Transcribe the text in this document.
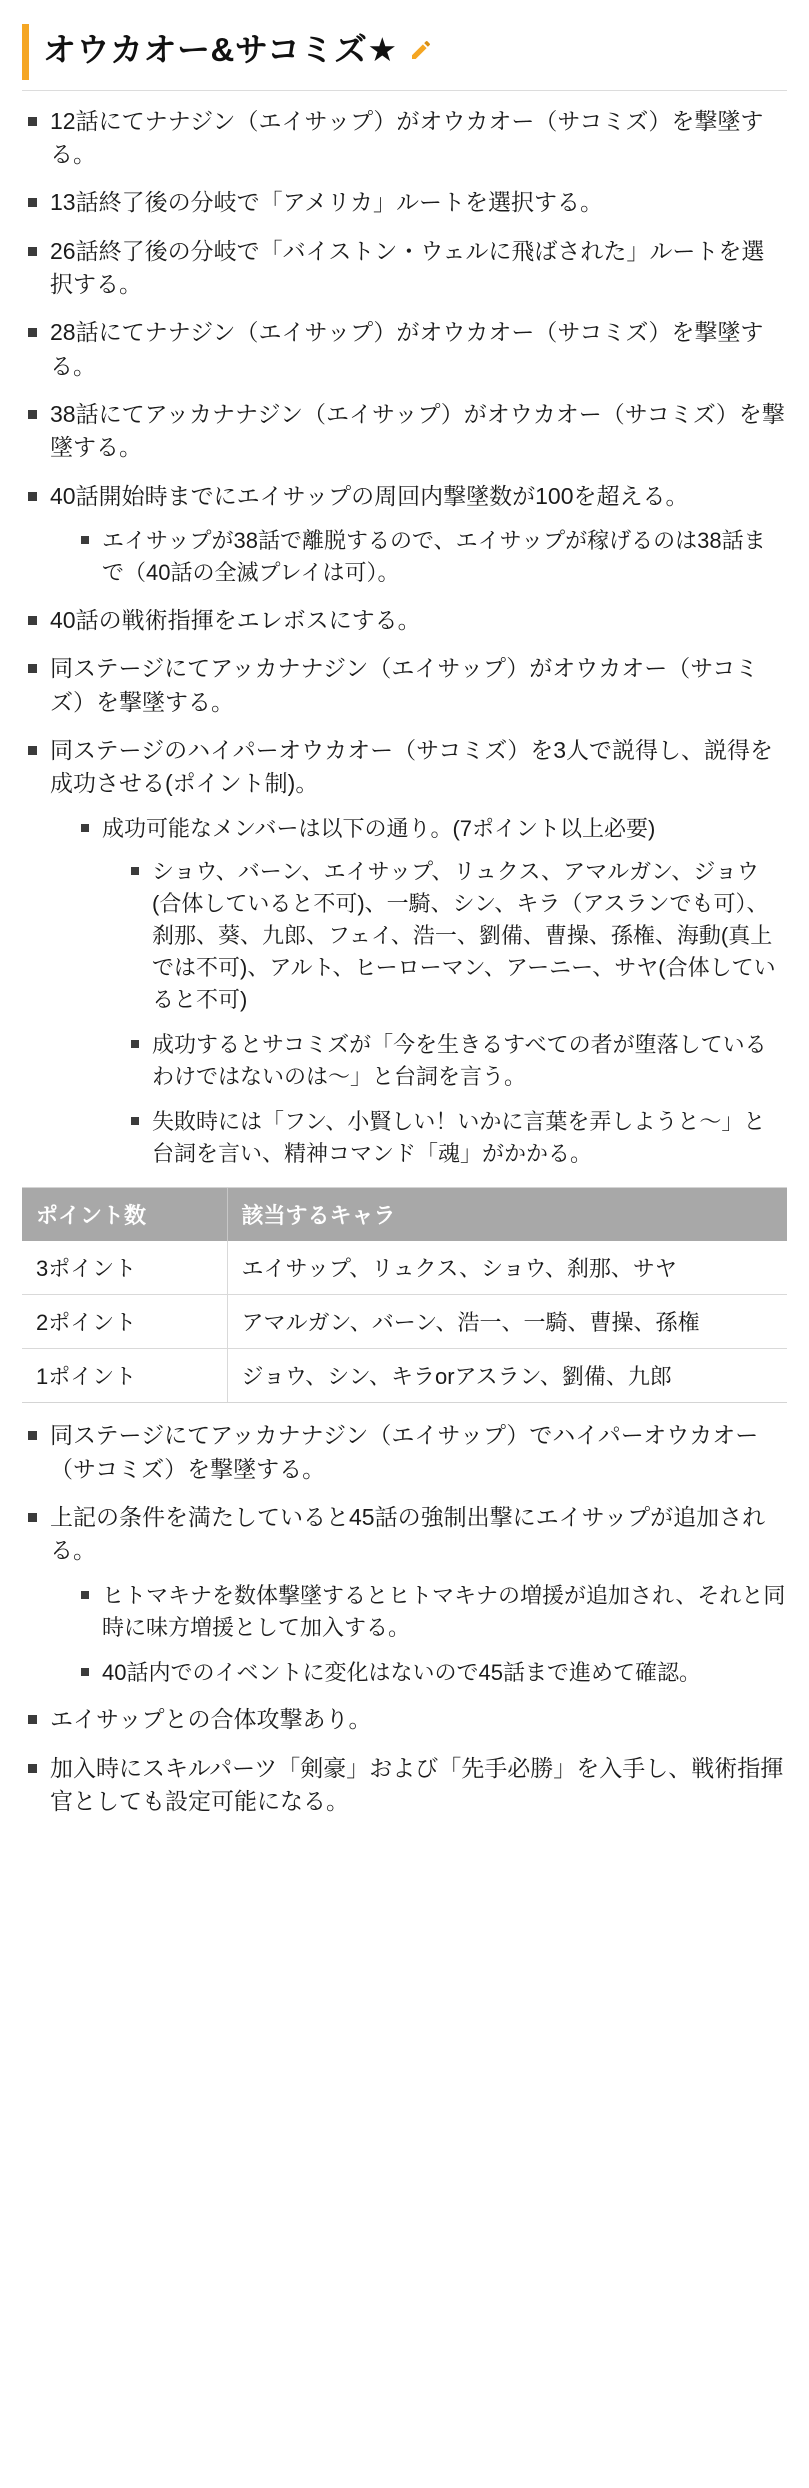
オウカオー&サコミズ★
12話にてナナジン（エイサップ）がオウカオー（サコミズ）を撃墜する。
13話終了後の分岐で「アメリカ」ルートを選択する。
26話終了後の分岐で「バイストン・ウェルに飛ばされた」ルートを選択する。
28話にてナナジン（エイサップ）がオウカオー（サコミズ）を撃墜する。
38話にてアッカナナジン（エイサップ）がオウカオー（サコミズ）を撃墜する。
40話開始時までにエイサップの周回内撃墜数が100を超える。
エイサップが38話で離脱するので、エイサップが稼げるのは38話まで（40話の全滅プレイは可）。
40話の戦術指揮をエレボスにする。
同ステージにてアッカナナジン（エイサップ）がオウカオー（サコミズ）を撃墜する。
同ステージのハイパーオウカオー（サコミズ）を3人で説得し、説得を成功させる(ポイント制)。
成功可能なメンバーは以下の通り。(7ポイント以上必要)
ショウ、バーン、エイサップ、リュクス、アマルガン、ジョウ(合体していると不可)、一騎、シン、キラ（アスランでも可）、刹那、葵、九郎、フェイ、浩一、劉備、曹操、孫権、海動(真上では不可)、アルト、ヒーローマン、アーニー、サヤ(合体していると不可)
成功するとサコミズが「今を生きるすべての者が堕落しているわけではないのは〜」と台詞を言う。
失敗時には「フン、小賢しい！いかに言葉を弄しようと〜」と台詞を言い、精神コマンド「魂」がかかる。
ポイント数	該当するキャラ
3ポイント	エイサップ、リュクス、ショウ、刹那、サヤ
2ポイント	アマルガン、バーン、浩一、一騎、曹操、孫権
1ポイント	ジョウ、シン、キラorアスラン、劉備、九郎
同ステージにてアッカナナジン（エイサップ）でハイパーオウカオー（サコミズ）を撃墜する。
上記の条件を満たしていると45話の強制出撃にエイサップが追加される。
ヒトマキナを数体撃墜するとヒトマキナの増援が追加され、それと同時に味方増援として加入する。
40話内でのイベントに変化はないので45話まで進めて確認。
エイサップとの合体攻撃あり。
加入時にスキルパーツ「剣豪」および「先手必勝」を入手し、戦術指揮官としても設定可能になる。
